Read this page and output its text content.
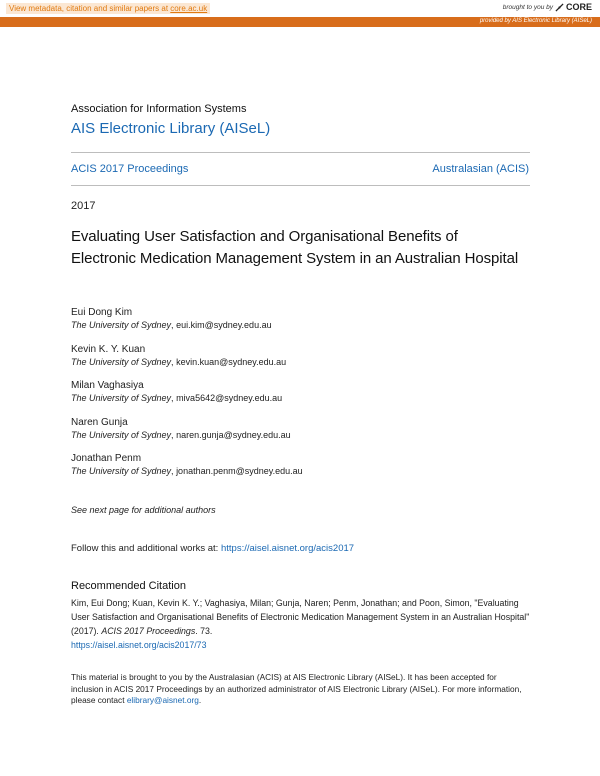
View metadata, citation and similar papers at core.ac.uk	brought to you by CORE
provided by AIS Electronic Library (AISeL)
Association for Information Systems
AIS Electronic Library (AISeL)
ACIS 2017 Proceedings	Australasian (ACIS)
2017
Evaluating User Satisfaction and Organisational Benefits of Electronic Medication Management System in an Australian Hospital
Eui Dong Kim
The University of Sydney, eui.kim@sydney.edu.au
Kevin K. Y. Kuan
The University of Sydney, kevin.kuan@sydney.edu.au
Milan Vaghasiya
The University of Sydney, miva5642@sydney.edu.au
Naren Gunja
The University of Sydney, naren.gunja@sydney.edu.au
Jonathan Penm
The University of Sydney, jonathan.penm@sydney.edu.au
See next page for additional authors
Follow this and additional works at: https://aisel.aisnet.org/acis2017
Recommended Citation
Kim, Eui Dong; Kuan, Kevin K. Y.; Vaghasiya, Milan; Gunja, Naren; Penm, Jonathan; and Poon, Simon, "Evaluating User Satisfaction and Organisational Benefits of Electronic Medication Management System in an Australian Hospital" (2017). ACIS 2017 Proceedings. 73.
https://aisel.aisnet.org/acis2017/73
This material is brought to you by the Australasian (ACIS) at AIS Electronic Library (AISeL). It has been accepted for inclusion in ACIS 2017 Proceedings by an authorized administrator of AIS Electronic Library (AISeL). For more information, please contact elibrary@aisnet.org.
